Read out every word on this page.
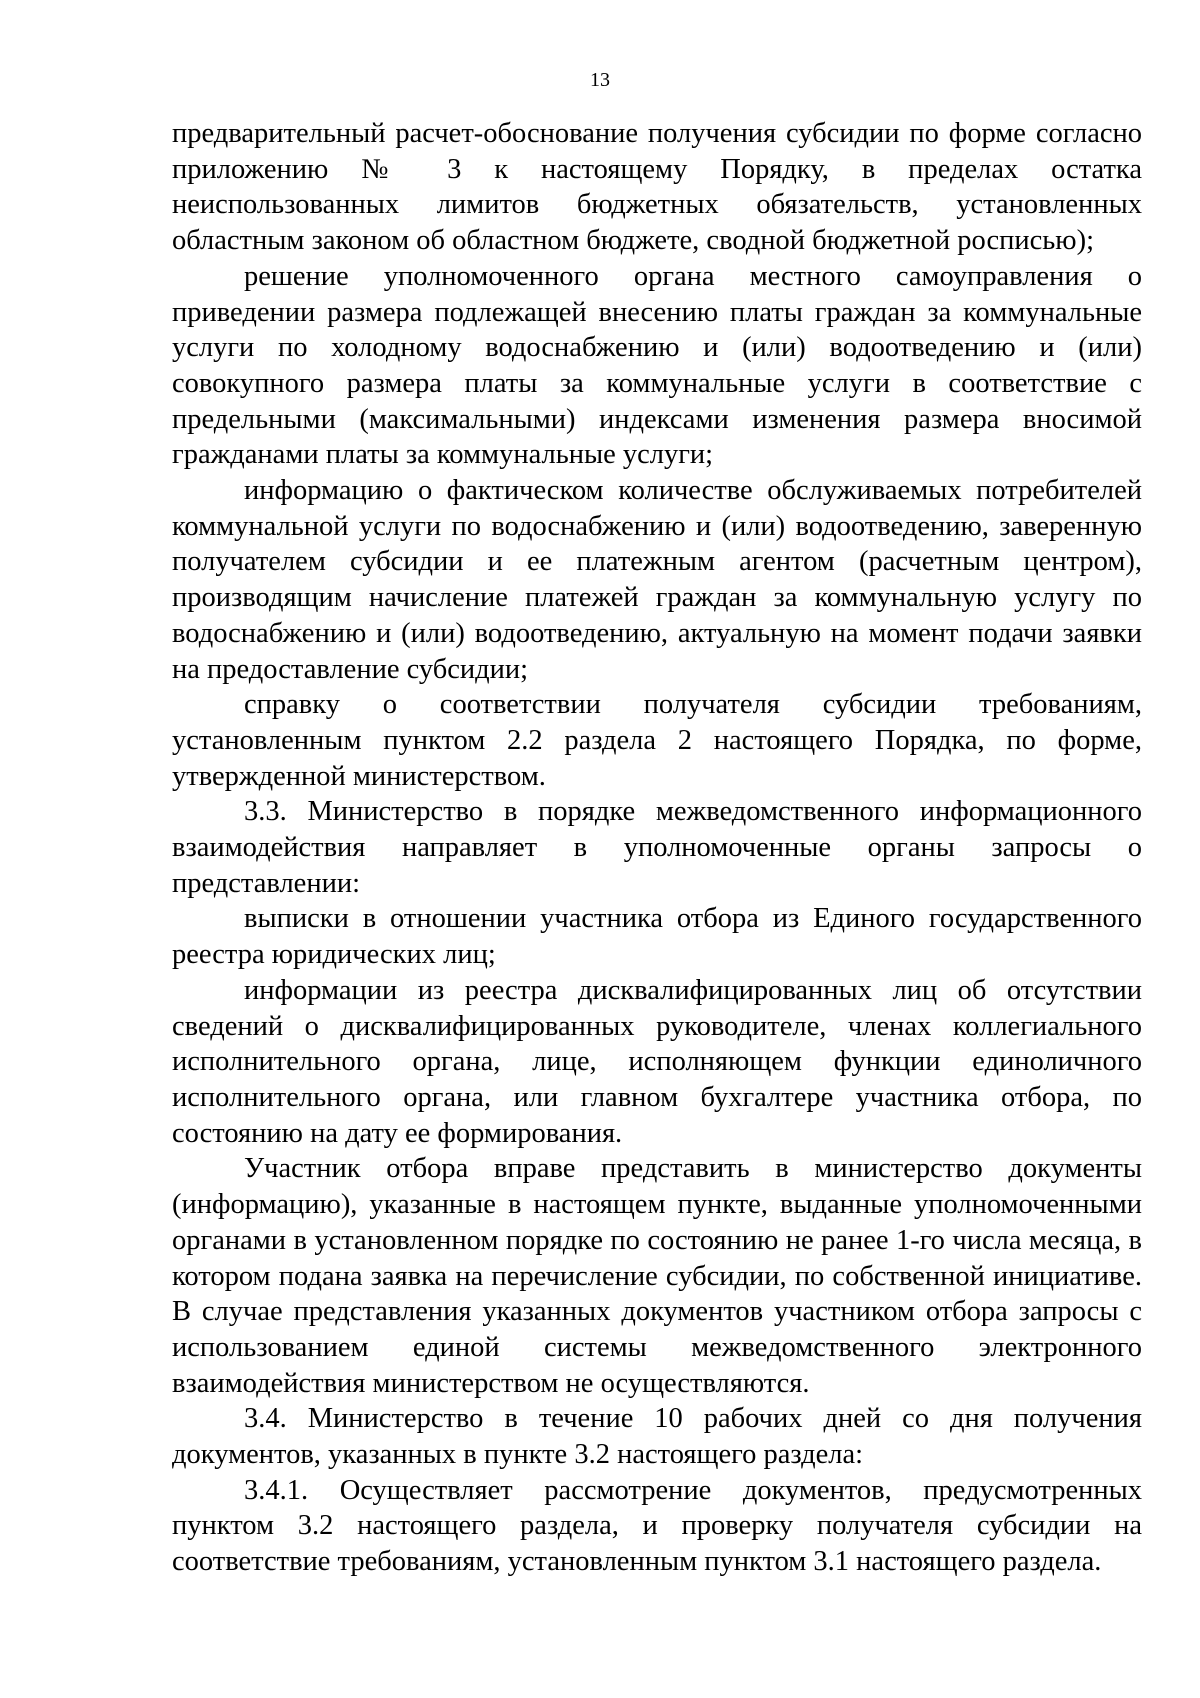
13

предварительный расчет-обоснование получения субсидии по форме согласно приложению № 3 к настоящему Порядку, в пределах остатка неиспользованных лимитов бюджетных обязательств, установленных областным законом об областном бюджете, сводной бюджетной росписью);

решение уполномоченного органа местного самоуправления о приведении размера подлежащей внесению платы граждан за коммунальные услуги по холодному водоснабжению и (или) водоотведению и (или) совокупного размера платы за коммунальные услуги в соответствие с предельными (максимальными) индексами изменения размера вносимой гражданами платы за коммунальные услуги;

информацию о фактическом количестве обслуживаемых потребителей коммунальной услуги по водоснабжению и (или) водоотведению, заверенную получателем субсидии и ее платежным агентом (расчетным центром), производящим начисление платежей граждан за коммунальную услугу по водоснабжению и (или) водоотведению, актуальную на момент подачи заявки на предоставление субсидии;

справку о соответствии получателя субсидии требованиям, установленным пунктом 2.2 раздела 2 настоящего Порядка, по форме, утвержденной министерством.

3.3. Министерство в порядке межведомственного информационного взаимодействия направляет в уполномоченные органы запросы о представлении:

выписки в отношении участника отбора из Единого государственного реестра юридических лиц;

информации из реестра дисквалифицированных лиц об отсутствии сведений о дисквалифицированных руководителе, членах коллегиального исполнительного органа, лице, исполняющем функции единоличного исполнительного органа, или главном бухгалтере участника отбора, по состоянию на дату ее формирования.

Участник отбора вправе представить в министерство документы (информацию), указанные в настоящем пункте, выданные уполномоченными органами в установленном порядке по состоянию не ранее 1-го числа месяца, в котором подана заявка на перечисление субсидии, по собственной инициативе. В случае представления указанных документов участником отбора запросы с использованием единой системы межведомственного электронного взаимодействия министерством не осуществляются.

3.4. Министерство в течение 10 рабочих дней со дня получения документов, указанных в пункте 3.2 настоящего раздела:

3.4.1. Осуществляет рассмотрение документов, предусмотренных пунктом 3.2 настоящего раздела, и проверку получателя субсидии на соответствие требованиям, установленным пунктом 3.1 настоящего раздела.
